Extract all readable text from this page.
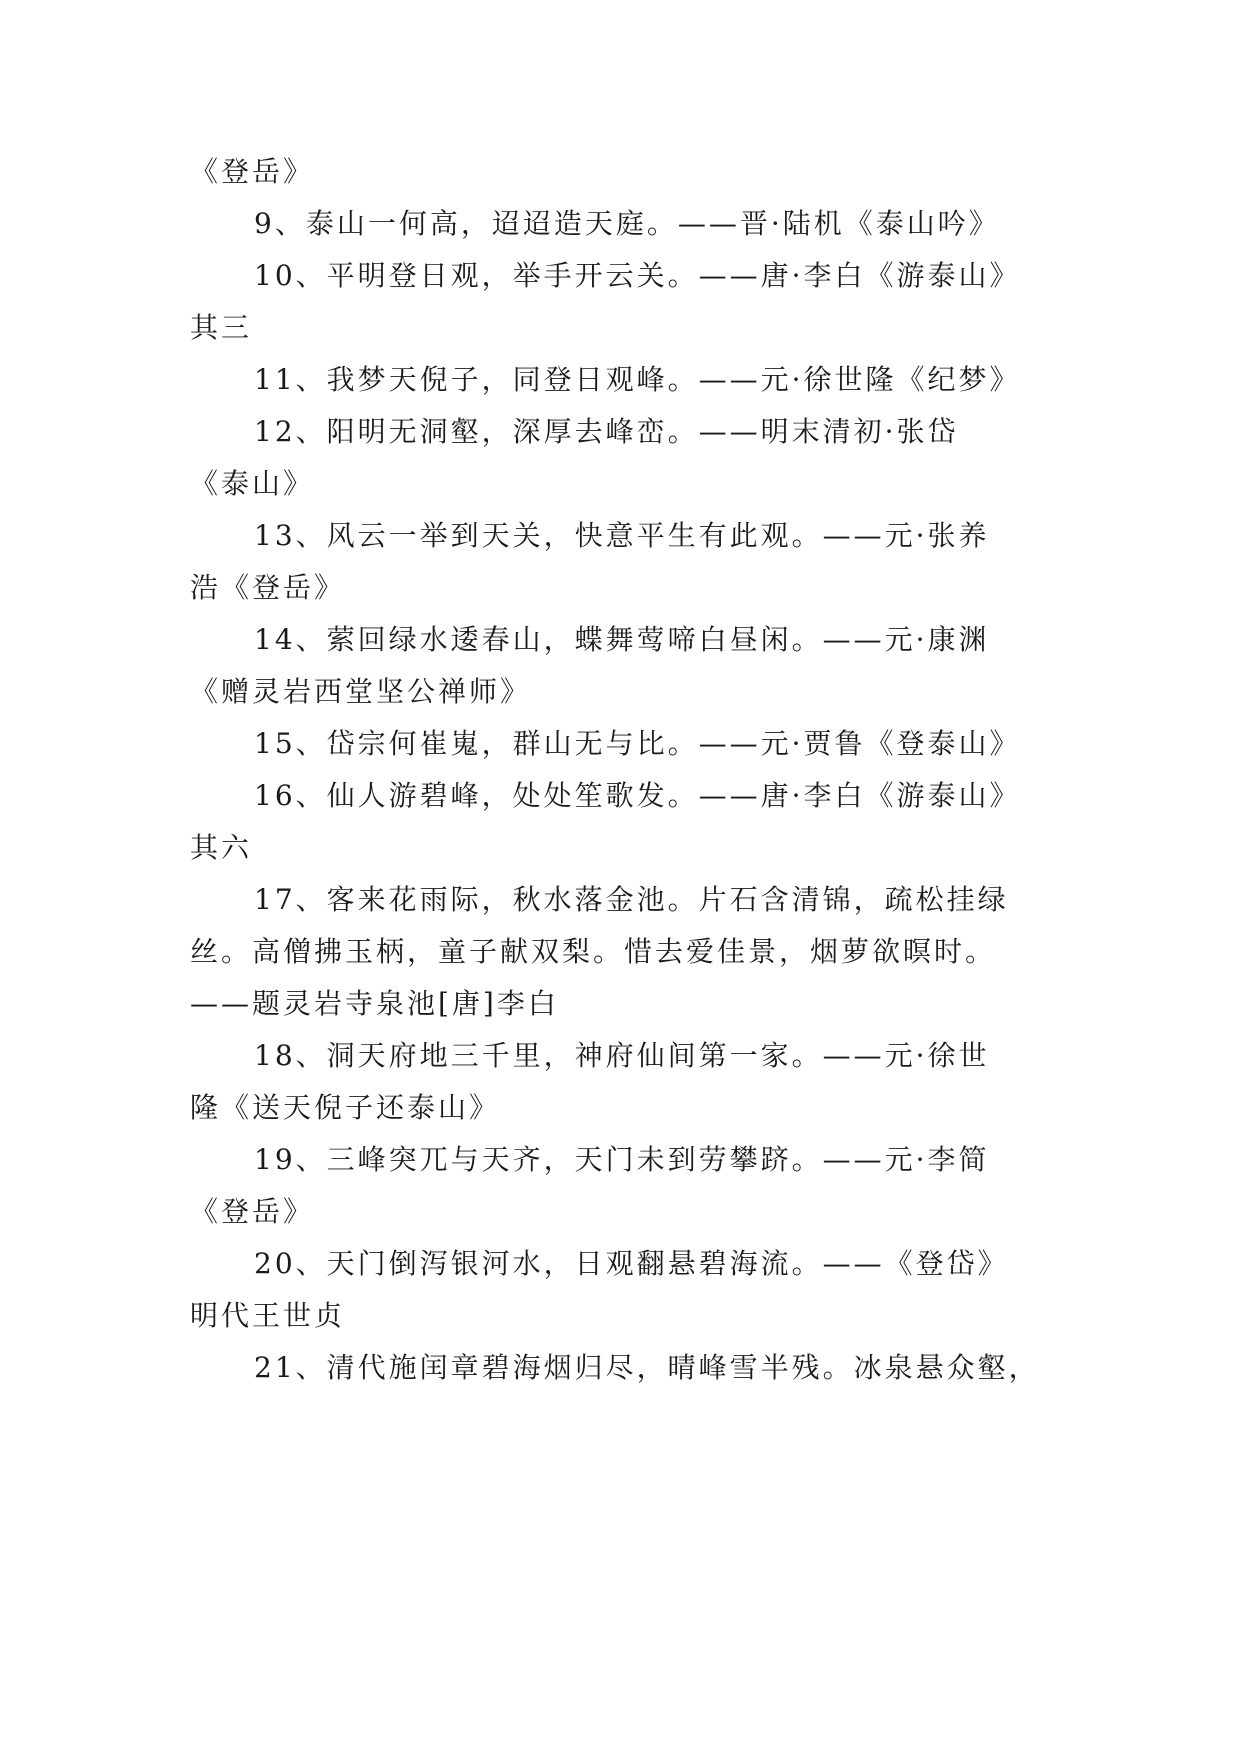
《登岳》
9、泰山一何高，迢迢造天庭。——晋·陆机《泰山吟》
10、平明登日观，举手开云关。——唐·李白《游泰山》
其三
11、我梦天倪子，同登日观峰。——元·徐世隆《纪梦》
12、阳明无洞壑，深厚去峰峦。——明末清初·张岱
《泰山》
13、风云一举到天关，快意平生有此观。——元·张养
浩《登岳》
14、萦回绿水逶春山，蝶舞莺啼白昼闲。——元·康渊
《赠灵岩西堂坚公禅师》
15、岱宗何崔嵬，群山无与比。——元·贾鲁《登泰山》
16、仙人游碧峰，处处笙歌发。——唐·李白《游泰山》
其六
17、客来花雨际，秋水落金池。片石含清锦，疏松挂绿
丝。高僧拂玉柄，童子献双梨。惜去爱佳景，烟萝欲暝时。
——题灵岩寺泉池[唐]李白
18、洞天府地三千里，神府仙间第一家。——元·徐世
隆《送天倪子还泰山》
19、三峰突兀与天齐，天门未到劳攀跻。——元·李简
《登岳》
20、天门倒泻银河水，日观翻悬碧海流。——《登岱》
明代王世贞
21、清代施闰章碧海烟归尽，晴峰雪半残。冰泉悬众壑，
